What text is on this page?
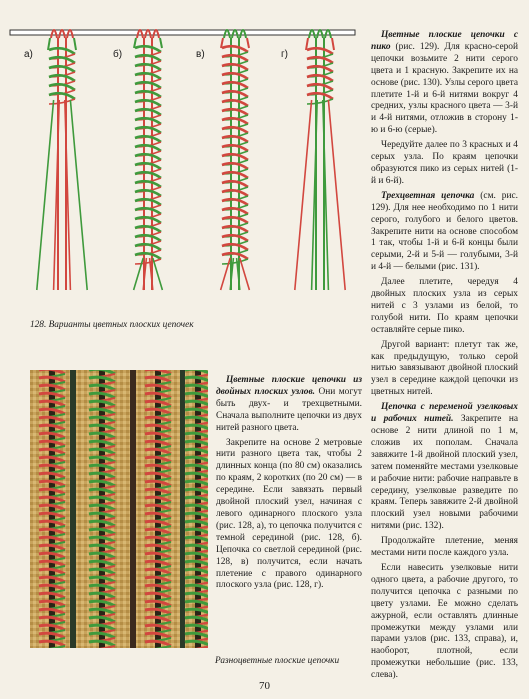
а)	б)	в)	г)
128. Варианты цветных плоских цепочек
Разноцветные плоские цепочки

Цветные плоские цепочки из двойных плоских узлов. Они могут быть двух- и трехцветными. Сначала выполните цепочки из двух нитей разного цвета.

Закрепите на основе 2 метровые нити разного цвета так, чтобы 2 длинных конца (по 80 см) оказались по краям, 2 коротких (по 20 см) — в середине. Если завязать первый двойной плоский узел, начиная с левого одинарного плоского узла (рис. 128, а), то цепочка получится с темной серединой (рис. 128, б). Цепочка со светлой серединой (рис. 128, в) получится, если начать плетение с правого одинарного плоского узла (рис. 128, г).

Цветные плоские цепочки с пико (рис. 129). Для красно-серой цепочки возьмите 2 нити серого цвета и 1 красную. Закрепите их на основе (рис. 130). Узлы серого цвета плетите 1-й и 6-й нитями вокруг 4 средних, узлы красного цвета — 3-й и 4-й нитями, отложив в сторону 1-ю и 6-ю (серые).

Чередуйте далее по 3 красных и 4 серых узла. По краям цепочки образуются пико из серых нитей (1-й и 6-й).

Трехцветная цепочка (см. рис. 129). Для нее необходимо по 1 нити серого, голубого и белого цветов. Закрепите нити на основе способом 1 так, чтобы 1-й и 6-й концы были серыми, 2-й и 5-й — голубыми, 3-й и 4-й — белыми (рис. 131).

Далее плетите, чередуя 4 двойных плоских узла из серых нитей с 3 узлами из белой, то голубой нити. По краям цепочки оставляйте серые пико.

Другой вариант: плетут так же, как предыдущую, только серой нитью завязывают двойной плоский узел в середине каждой цепочки из цветных нитей.

Цепочка с переменой узелковых и рабочих нитей. Закрепите на основе 2 нити длиной по 1 м, сложив их пополам. Сначала завяжите 1-й двойной плоский узел, затем поменяйте местами узелковые и рабочие нити: рабочие направьте в середину, узелковые разведите по краям. Теперь завяжите 2-й двойной плоский узел новыми рабочими нитями (рис. 132).

Продолжайте плетение, меняя местами нити после каждого узла.

Если навесить узелковые нити одного цвета, а рабочие другого, то получится цепочка с разными по цвету узлами. Ее можно сделать ажурной, если оставлять длинные промежутки между узлами или парами узлов (рис. 133, справа), и, наоборот, плотной, если промежутки небольшие (рис. 133, слева).

70
